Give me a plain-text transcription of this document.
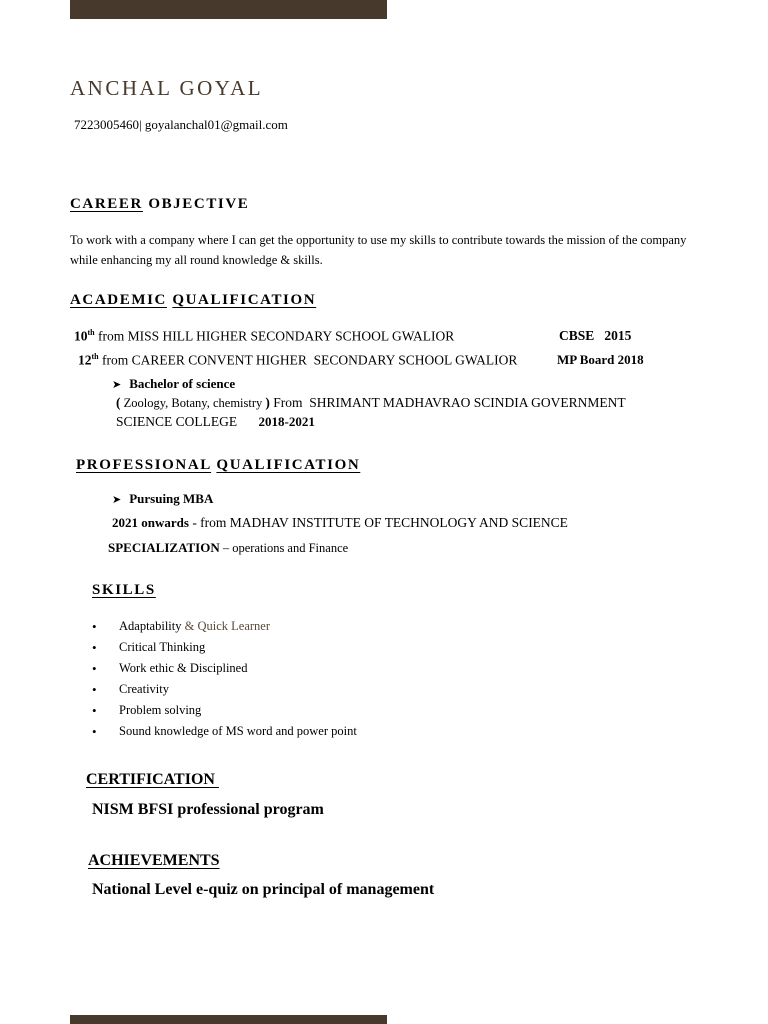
ANCHAL GOYAL
7223005460| goyalanchal01@gmail.com
CAREER OBJECTIVE
To work with a company where I can get the opportunity to use my skills to contribute towards the mission of the company while enhancing my all round knowledge & skills.
ACADEMIC QUALIFICATION
10th from MISS HILL HIGHER SECONDARY SCHOOL GWALIOR	CBSE   2015
12th from CAREER CONVENT HIGHER  SECONDARY SCHOOL GWALIOR	MP Board 2018
➤ Bachelor of science
( Zoology, Botany, chemistry ) From  SHRIMANT MADHAVRAO SCINDIA GOVERNMENT
SCIENCE COLLEGE 2018-2021
PROFESSIONAL QUALIFICATION
➤ Pursuing MBA
2021 onwards - from MADHAV INSTITUTE OF TECHNOLOGY AND SCIENCE
SPECIALIZATION – operations and Finance
SKILLS
• Adaptability & Quick Learner
• Critical Thinking
• Work ethic & Disciplined
• Creativity
• Problem solving
• Sound knowledge of MS word and power point
CERTIFICATION
NISM BFSI professional program
ACHIEVEMENTS
National Level e-quiz on principal of management
